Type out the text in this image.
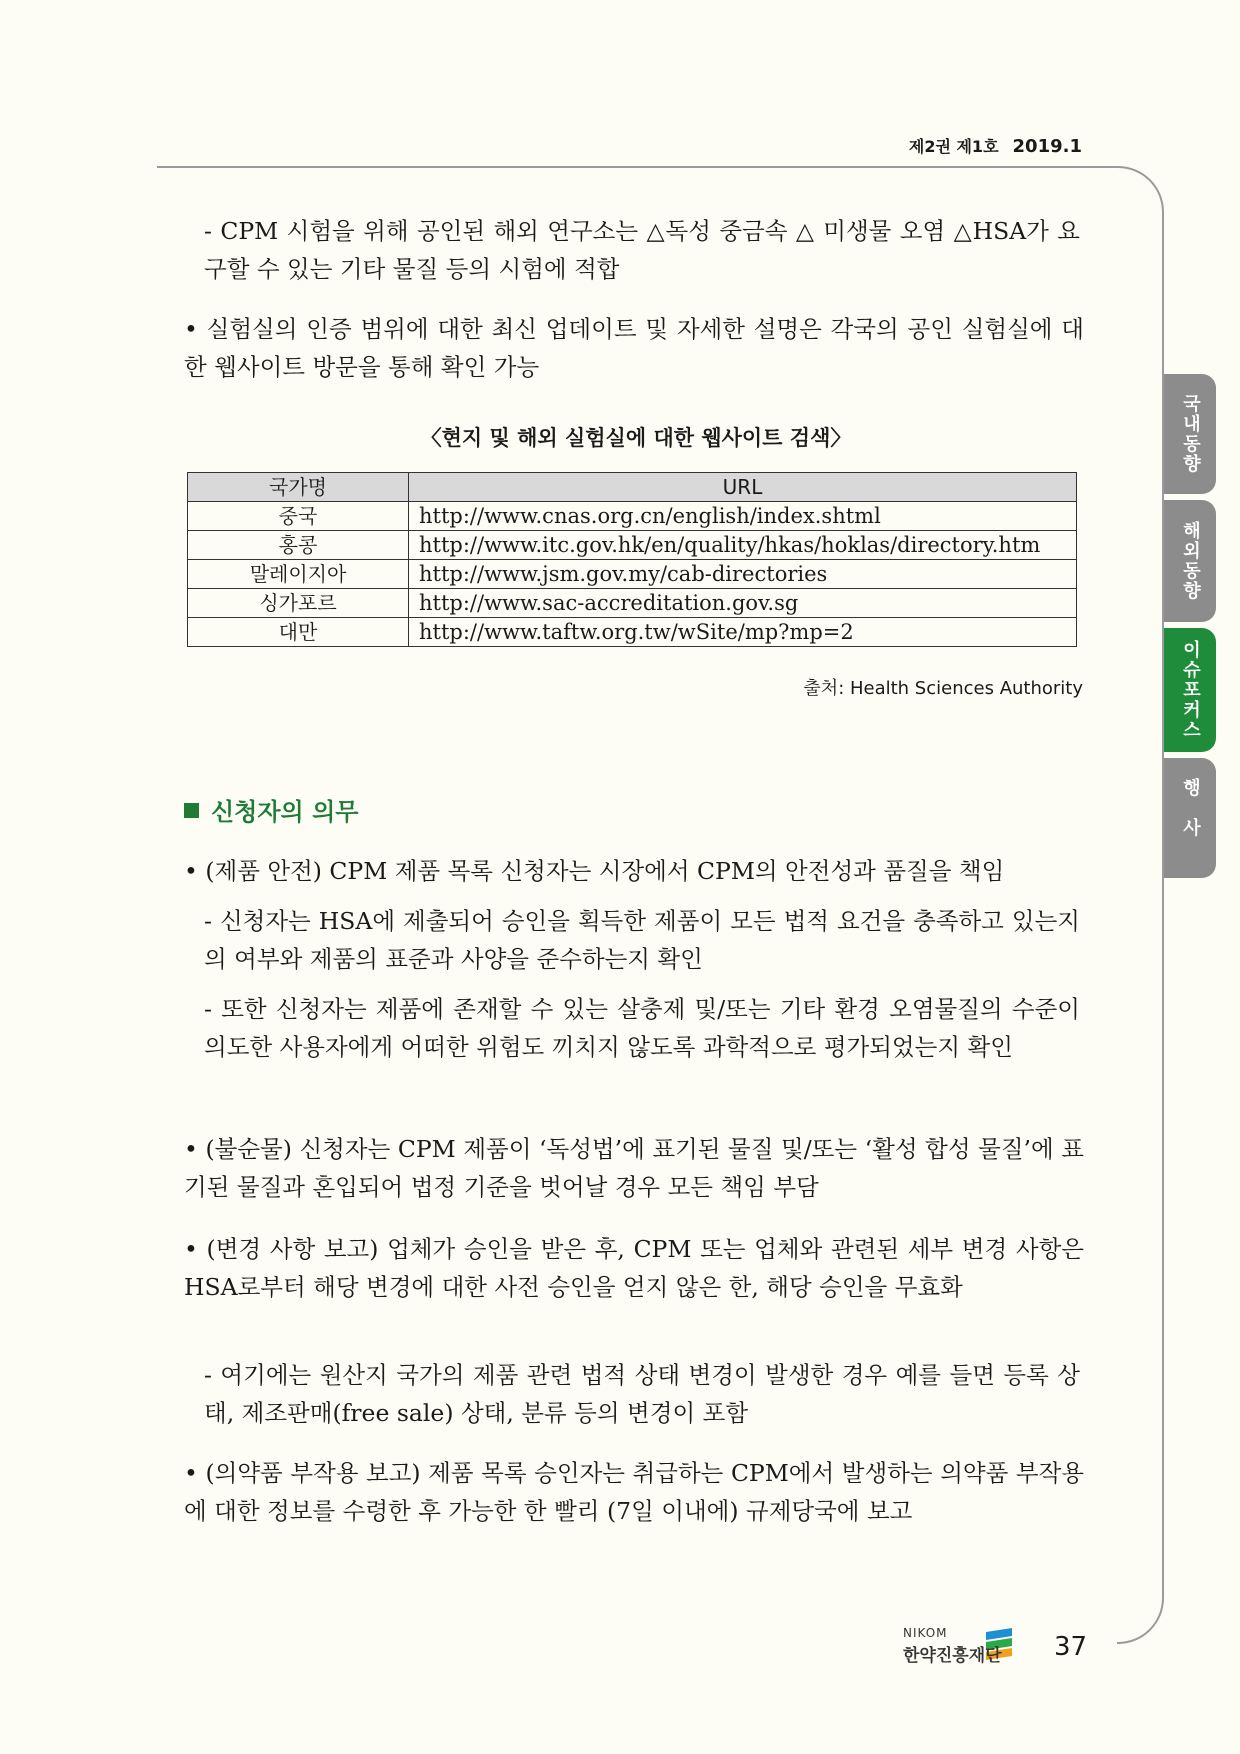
제2권 제1호 2019.1
국내동향
해외동향
이슈포커스
행사
- CPM 시험을 위해 공인된 해외 연구소는 △독성 중금속 △ 미생물 오염 △HSA가 요구할 수 있는 기타 물질 등의 시험에 적합
• 실험실의 인증 범위에 대한 최신 업데이트 및 자세한 설명은 각국의 공인 실험실에 대한 웹사이트 방문을 통해 확인 가능
〈현지 및 해외 실험실에 대한 웹사이트 검색〉
국가명	URL
중국	http://www.cnas.org.cn/english/index.shtml
홍콩	http://www.itc.gov.hk/en/quality/hkas/hoklas/directory.htm
말레이지아	http://www.jsm.gov.my/cab-directories
싱가포르	http://www.sac-accreditation.gov.sg
대만	http://www.taftw.org.tw/wSite/mp?mp=2
출처: Health Sciences Authority
신청자의 의무
• (제품 안전) CPM 제품 목록 신청자는 시장에서 CPM의 안전성과 품질을 책임
- 신청자는 HSA에 제출되어 승인을 획득한 제품이 모든 법적 요건을 충족하고 있는지의 여부와 제품의 표준과 사양을 준수하는지 확인
- 또한 신청자는 제품에 존재할 수 있는 살충제 및/또는 기타 환경 오염물질의 수준이 의도한 사용자에게 어떠한 위험도 끼치지 않도록 과학적으로 평가되었는지 확인
• (불순물) 신청자는 CPM 제품이 ‘독성법’에 표기된 물질 및/또는 ‘활성 합성 물질’에 표기된 물질과 혼입되어 법정 기준을 벗어날 경우 모든 책임 부담
• (변경 사항 보고) 업체가 승인을 받은 후, CPM 또는 업체와 관련된 세부 변경 사항은 HSA로부터 해당 변경에 대한 사전 승인을 얻지 않은 한, 해당 승인을 무효화
- 여기에는 원산지 국가의 제품 관련 법적 상태 변경이 발생한 경우 예를 들면 등록 상태, 제조판매(free sale) 상태, 분류 등의 변경이 포함
• (의약품 부작용 보고) 제품 목록 승인자는 취급하는 CPM에서 발생하는 의약품 부작용에 대한 정보를 수령한 후 가능한 한 빨리 (7일 이내에) 규제당국에 보고
NIKOM
한약진흥재단 37
